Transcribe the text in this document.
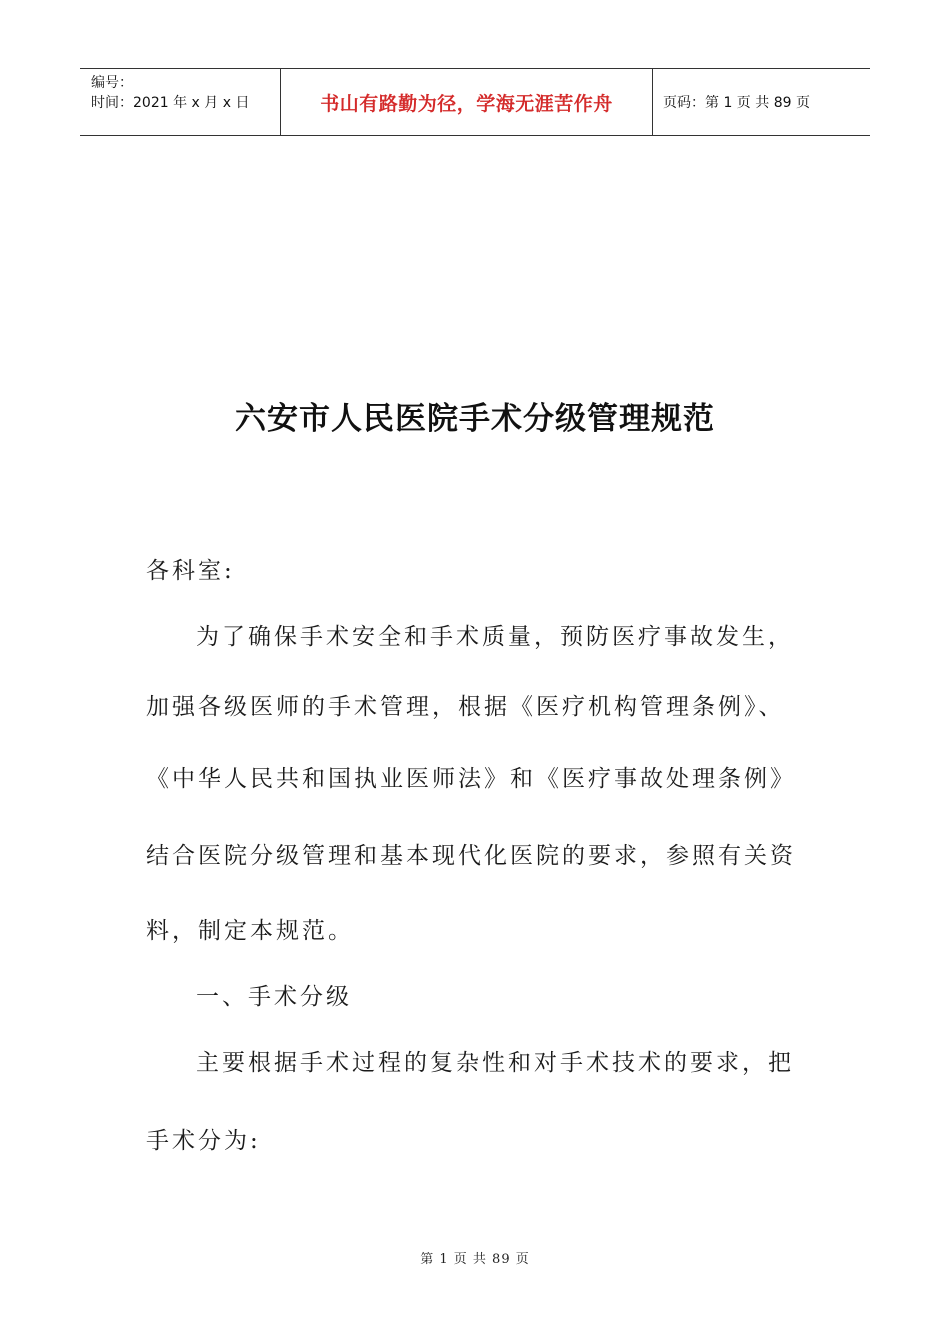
编号：
时间：2021 年 x 月 x 日	书山有路勤为径，学海无涯苦作舟	页码：第 1 页 共 89 页
六安市人民医院手术分级管理规范
各科室:
为了确保手术安全和手术质量，预防医疗事故发生，
加强各级医师的手术管理，根据《医疗机构管理条例》、
《中华人民共和国执业医师法》和《医疗事故处理条例》
结合医院分级管理和基本现代化医院的要求，参照有关资
料，制定本规范。
一、手术分级
主要根据手术过程的复杂性和对手术技术的要求，把
手术分为:
第 1 页 共 89 页
